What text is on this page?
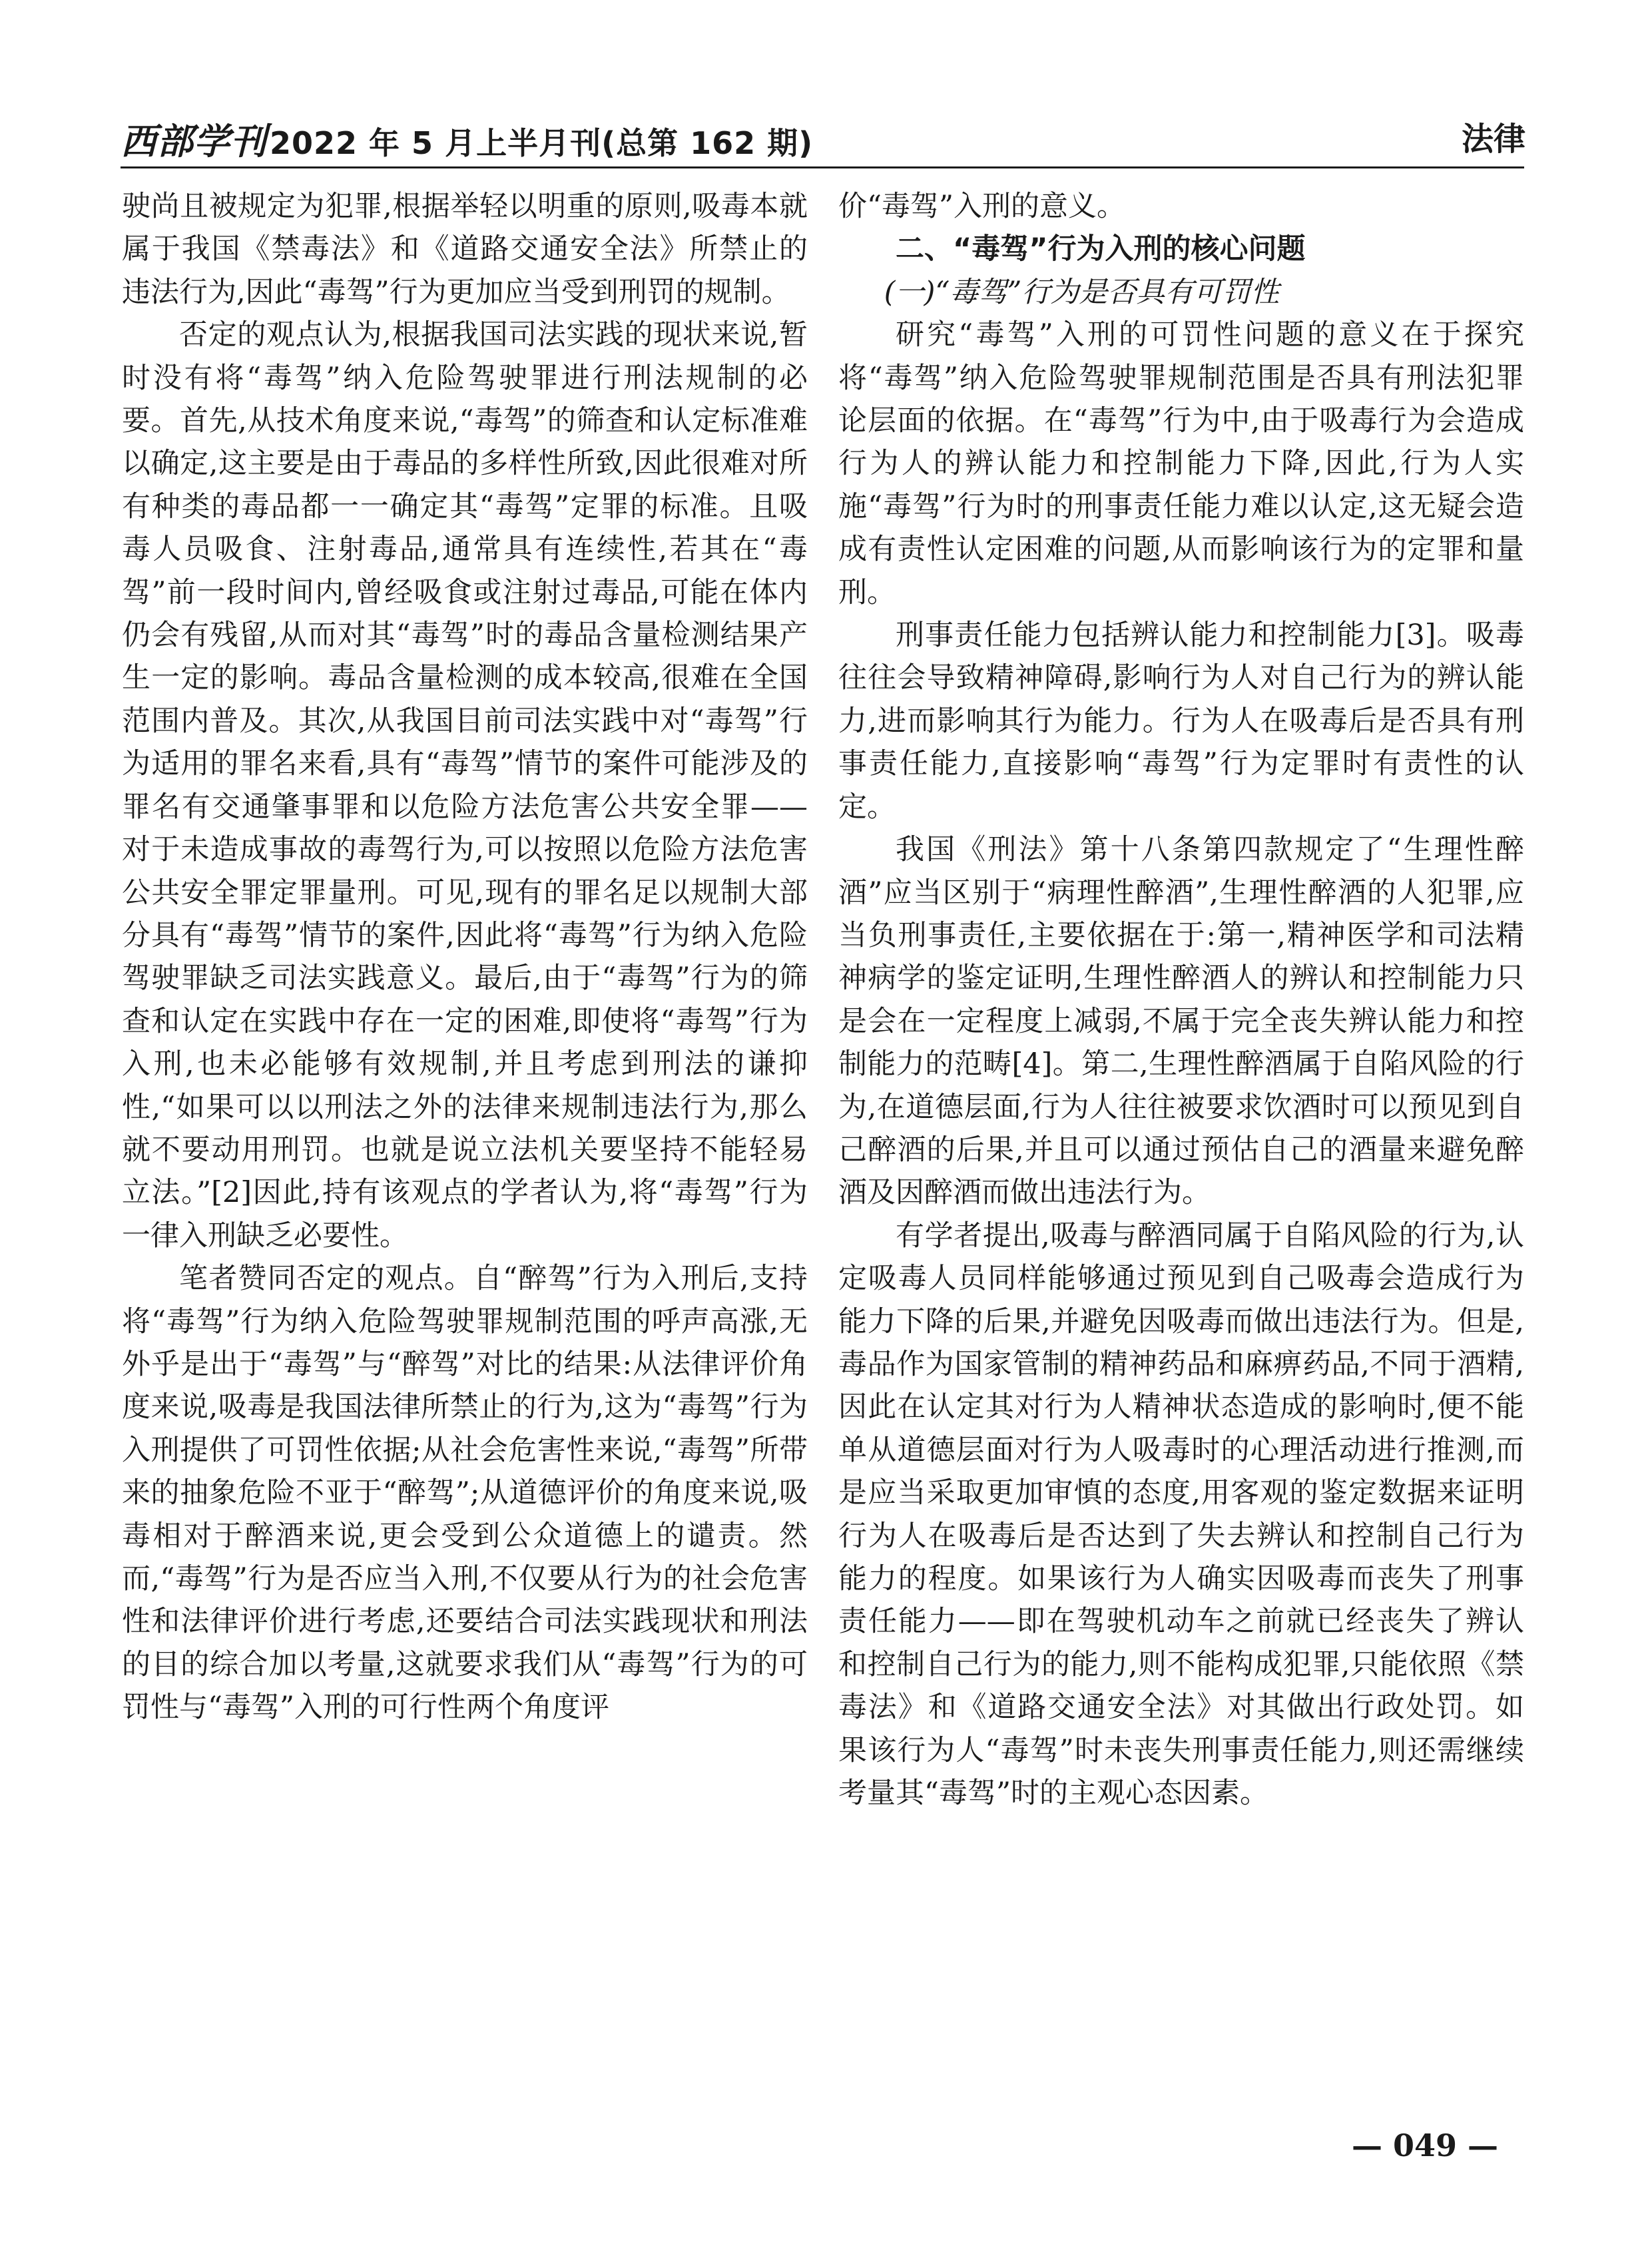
西部学刊2022 年 5 月上半月刊(总第 162 期)	法律

驶尚且被规定为犯罪,根据举轻以明重的原则,吸毒本就属于我国《禁毒法》和《道路交通安全法》所禁止的违法行为,因此“毒驾”行为更加应当受到刑罚的规制。

否定的观点认为,根据我国司法实践的现状来说,暂时没有将“毒驾”纳入危险驾驶罪进行刑法规制的必要。首先,从技术角度来说,“毒驾”的筛查和认定标准难以确定,这主要是由于毒品的多样性所致,因此很难对所有种类的毒品都一一确定其“毒驾”定罪的标准。且吸毒人员吸食、注射毒品,通常具有连续性,若其在“毒驾”前一段时间内,曾经吸食或注射过毒品,可能在体内仍会有残留,从而对其“毒驾”时的毒品含量检测结果产生一定的影响。毒品含量检测的成本较高,很难在全国范围内普及。其次,从我国目前司法实践中对“毒驾”行为适用的罪名来看,具有“毒驾”情节的案件可能涉及的罪名有交通肇事罪和以危险方法危害公共安全罪——对于未造成事故的毒驾行为,可以按照以危险方法危害公共安全罪定罪量刑。可见,现有的罪名足以规制大部分具有“毒驾”情节的案件,因此将“毒驾”行为纳入危险驾驶罪缺乏司法实践意义。最后,由于“毒驾”行为的筛查和认定在实践中存在一定的困难,即使将“毒驾”行为入刑,也未必能够有效规制,并且考虑到刑法的谦抑性,“如果可以以刑法之外的法律来规制违法行为,那么就不要动用刑罚。也就是说立法机关要坚持不能轻易立法。”[2]因此,持有该观点的学者认为,将“毒驾”行为一律入刑缺乏必要性。

笔者赞同否定的观点。自“醉驾”行为入刑后,支持将“毒驾”行为纳入危险驾驶罪规制范围的呼声高涨,无外乎是出于“毒驾”与“醉驾”对比的结果:从法律评价角度来说,吸毒是我国法律所禁止的行为,这为“毒驾”行为入刑提供了可罚性依据;从社会危害性来说,“毒驾”所带来的抽象危险不亚于“醉驾”;从道德评价的角度来说,吸毒相对于醉酒来说,更会受到公众道德上的谴责。然而,“毒驾”行为是否应当入刑,不仅要从行为的社会危害性和法律评价进行考虑,还要结合司法实践现状和刑法的目的综合加以考量,这就要求我们从“毒驾”行为的可罚性与“毒驾”入刑的可行性两个角度评

价“毒驾”入刑的意义。

二、“毒驾”行为入刑的核心问题

(一)“毒驾”行为是否具有可罚性

研究“毒驾”入刑的可罚性问题的意义在于探究将“毒驾”纳入危险驾驶罪规制范围是否具有刑法犯罪论层面的依据。在“毒驾”行为中,由于吸毒行为会造成行为人的辨认能力和控制能力下降,因此,行为人实施“毒驾”行为时的刑事责任能力难以认定,这无疑会造成有责性认定困难的问题,从而影响该行为的定罪和量刑。

刑事责任能力包括辨认能力和控制能力[3]。吸毒往往会导致精神障碍,影响行为人对自己行为的辨认能力,进而影响其行为能力。行为人在吸毒后是否具有刑事责任能力,直接影响“毒驾”行为定罪时有责性的认定。

我国《刑法》第十八条第四款规定了“生理性醉酒”应当区别于“病理性醉酒”,生理性醉酒的人犯罪,应当负刑事责任,主要依据在于:第一,精神医学和司法精神病学的鉴定证明,生理性醉酒人的辨认和控制能力只是会在一定程度上减弱,不属于完全丧失辨认能力和控制能力的范畴[4]。第二,生理性醉酒属于自陷风险的行为,在道德层面,行为人往往被要求饮酒时可以预见到自己醉酒的后果,并且可以通过预估自己的酒量来避免醉酒及因醉酒而做出违法行为。

有学者提出,吸毒与醉酒同属于自陷风险的行为,认定吸毒人员同样能够通过预见到自己吸毒会造成行为能力下降的后果,并避免因吸毒而做出违法行为。但是,毒品作为国家管制的精神药品和麻痹药品,不同于酒精,因此在认定其对行为人精神状态造成的影响时,便不能单从道德层面对行为人吸毒时的心理活动进行推测,而是应当采取更加审慎的态度,用客观的鉴定数据来证明行为人在吸毒后是否达到了失去辨认和控制自己行为能力的程度。如果该行为人确实因吸毒而丧失了刑事责任能力——即在驾驶机动车之前就已经丧失了辨认和控制自己行为的能力,则不能构成犯罪,只能依照《禁毒法》和《道路交通安全法》对其做出行政处罚。如果该行为人“毒驾”时未丧失刑事责任能力,则还需继续考量其“毒驾”时的主观心态因素。

— 049 —
